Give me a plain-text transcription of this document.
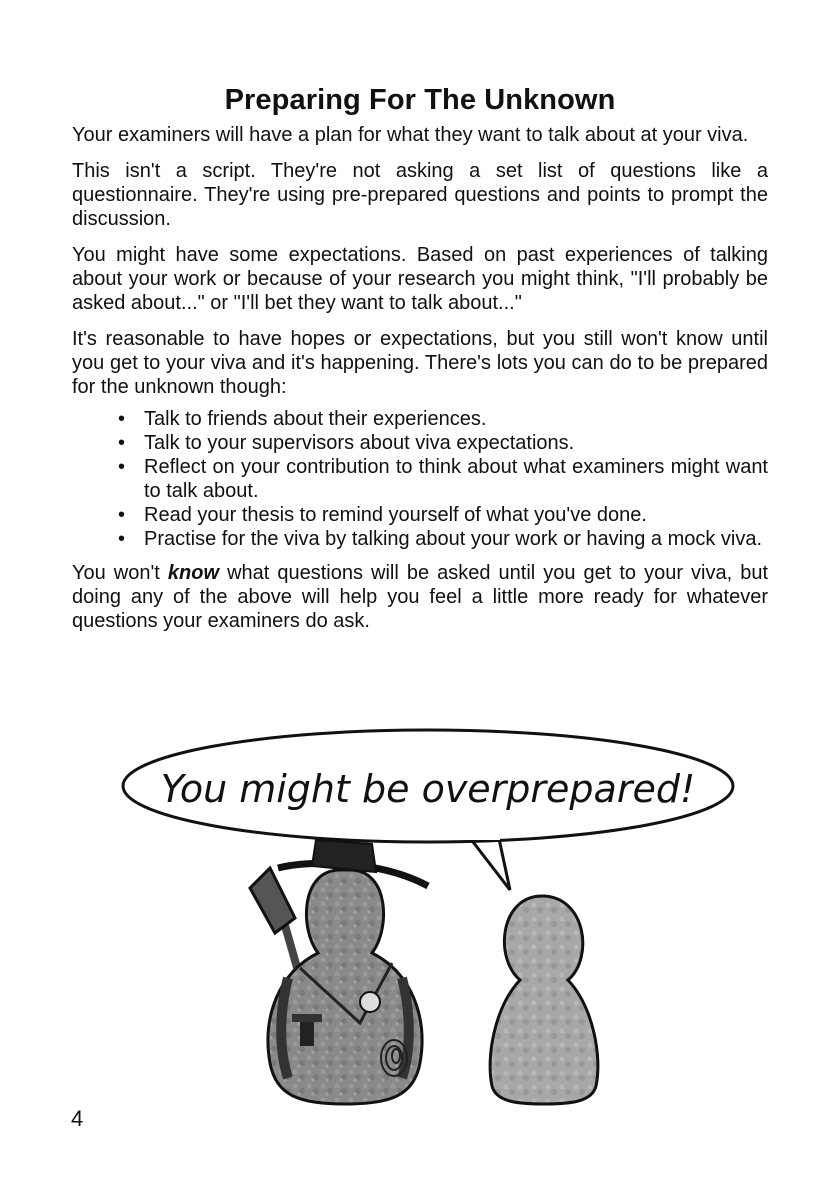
Preparing For The Unknown

Your examiners will have a plan for what they want to talk about at your viva.

This isn't a script. They're not asking a set list of questions like a questionnaire. They're using pre-prepared questions and points to prompt the discussion.

You might have some expectations. Based on past experiences of talking about your work or because of your research you might think, "I'll probably be asked about..." or "I'll bet they want to talk about..."

It's reasonable to have hopes or expectations, but you still won't know until you get to your viva and it's happening. There's lots you can do to be prepared for the unknown though:

• Talk to friends about their experiences.
• Talk to your supervisors about viva expectations.
• Reflect on your contribution to think about what examiners might want to talk about.
• Read your thesis to remind yourself of what you've done.
• Practise for the viva by talking about your work or having a mock viva.

You won't know what questions will be asked until you get to your viva, but doing any of the above will help you feel a little more ready for whatever questions your examiners do ask.

You might be overprepared!
4
